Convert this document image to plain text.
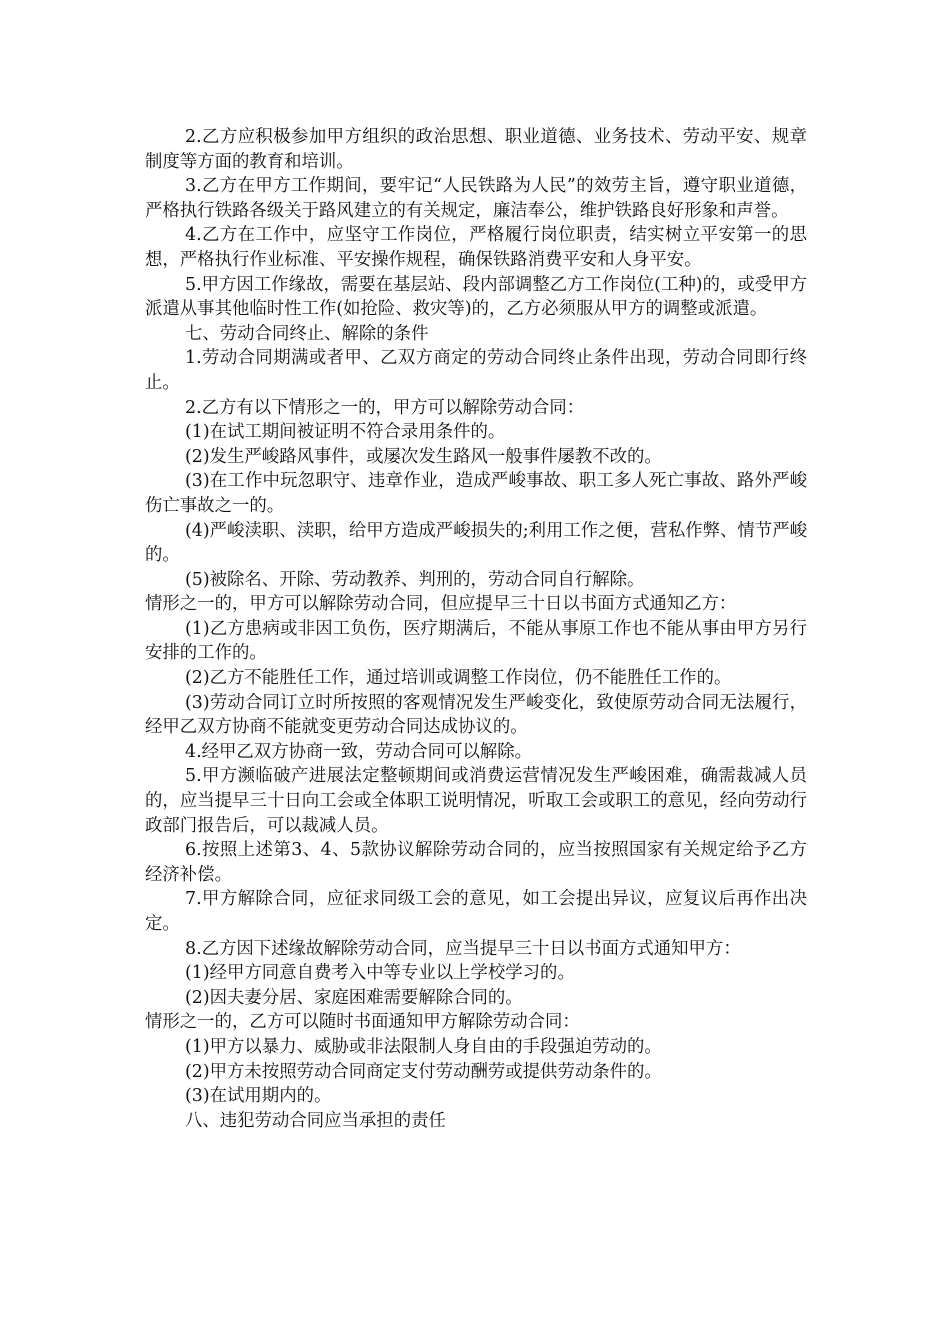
2.乙方应积极参加甲方组织的政治思想、职业道德、业务技术、劳动平安、规章制度等方面的教育和培训。

3.乙方在甲方工作期间，要牢记“人民铁路为人民”的效劳主旨，遵守职业道德，严格执行铁路各级关于路风建立的有关规定，廉洁奉公，维护铁路良好形象和声誉。

4.乙方在工作中，应坚守工作岗位，严格履行岗位职责，结实树立平安第一的思想，严格执行作业标准、平安操作规程，确保铁路消费平安和人身平安。

5.甲方因工作缘故，需要在基层站、段内部调整乙方工作岗位(工种)的，或受甲方派遣从事其他临时性工作(如抢险、救灾等)的，乙方必须服从甲方的调整或派遣。

七、劳动合同终止、解除的条件

1.劳动合同期满或者甲、乙双方商定的劳动合同终止条件出现，劳动合同即行终止。

2.乙方有以下情形之一的，甲方可以解除劳动合同：

(1)在试工期间被证明不符合录用条件的。

(2)发生严峻路风事件，或屡次发生路风一般事件屡教不改的。

(3)在工作中玩忽职守、违章作业，造成严峻事故、职工多人死亡事故、路外严峻伤亡事故之一的。

(4)严峻渎职、渎职，给甲方造成严峻损失的;利用工作之便，营私作弊、情节严峻的。

(5)被除名、开除、劳动教养、判刑的，劳动合同自行解除。

情形之一的，甲方可以解除劳动合同，但应提早三十日以书面方式通知乙方：

(1)乙方患病或非因工负伤，医疗期满后，不能从事原工作也不能从事由甲方另行安排的工作的。

(2)乙方不能胜任工作，通过培训或调整工作岗位，仍不能胜任工作的。

(3)劳动合同订立时所按照的客观情况发生严峻变化，致使原劳动合同无法履行，经甲乙双方协商不能就变更劳动合同达成协议的。

4.经甲乙双方协商一致，劳动合同可以解除。

5.甲方濒临破产进展法定整顿期间或消费运营情况发生严峻困难，确需裁减人员的，应当提早三十日向工会或全体职工说明情况，听取工会或职工的意见，经向劳动行政部门报告后，可以裁减人员。

6.按照上述第3、4、5款协议解除劳动合同的，应当按照国家有关规定给予乙方经济补偿。

7.甲方解除合同，应征求同级工会的意见，如工会提出异议，应复议后再作出决定。

8.乙方因下述缘故解除劳动合同，应当提早三十日以书面方式通知甲方：

(1)经甲方同意自费考入中等专业以上学校学习的。

(2)因夫妻分居、家庭困难需要解除合同的。

情形之一的，乙方可以随时书面通知甲方解除劳动合同：

(1)甲方以暴力、威胁或非法限制人身自由的手段强迫劳动的。

(2)甲方未按照劳动合同商定支付劳动酬劳或提供劳动条件的。

(3)在试用期内的。

八、违犯劳动合同应当承担的责任
